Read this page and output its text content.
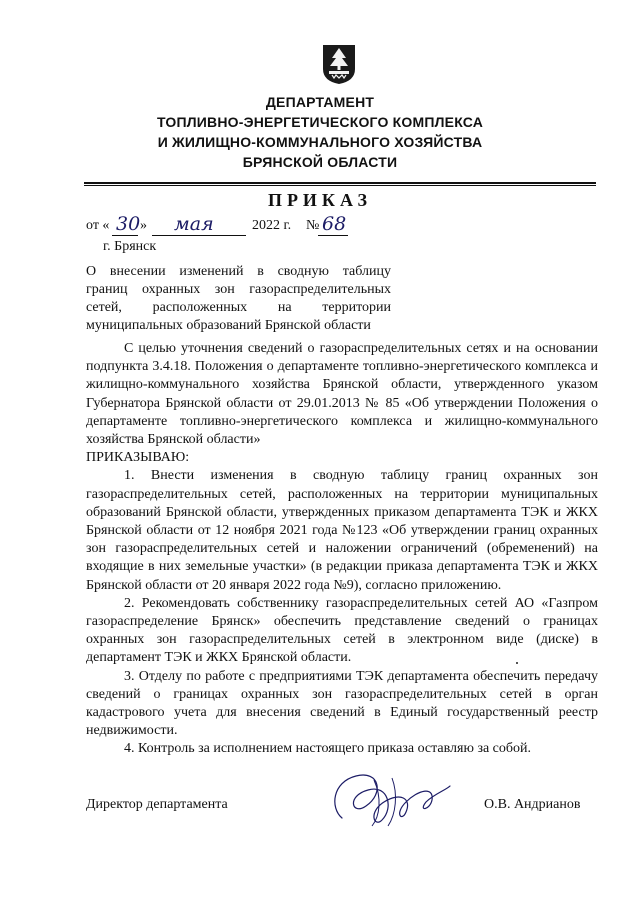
ДЕПАРТАМЕНТ
ТОПЛИВНО-ЭНЕРГЕТИЧЕСКОГО КОМПЛЕКСА
И ЖИЛИЩНО-КОММУНАЛЬНОГО ХОЗЯЙСТВА
БРЯНСКОЙ ОБЛАСТИ
ПРИКАЗ
от « 30 » мая	2022 г. № 68
г. Брянск
О внесении изменений в сводную таблицу
границ охранных зон газораспределительных
сетей, расположенных на территории
муниципальных образований Брянской области

С целью уточнения сведений о газораспределительных сетях и на основании подпункта 3.4.18. Положения о департаменте топливно-энергетического комплекса и жилищно-коммунального хозяйства Брянской области, утвержденного указом Губернатора Брянской области от 29.01.2013 № 85 «Об утверждении Положения о департаменте топливно-энергетического комплекса и жилищно-коммунального хозяйства Брянской области»

ПРИКАЗЫВАЮ:

1. Внести изменения в сводную таблицу границ охранных зон газораспределительных сетей, расположенных на территории муниципальных образований Брянской области, утвержденных приказом департамента ТЭК и ЖКХ Брянской области от 12 ноября 2021 года №123 «Об утверждении границ охранных зон газораспределительных сетей и наложении ограничений (обременений) на входящие в них земельные участки» (в редакции приказа департамента ТЭК и ЖКХ Брянской области от 20 января 2022 года №9), согласно приложению.

2. Рекомендовать собственнику газораспределительных сетей АО «Газпром газораспределение Брянск» обеспечить представление сведений о границах охранных зон газораспределительных сетей в электронном виде (диске) в департамент ТЭК и ЖКХ Брянской области.

3. Отделу по работе с предприятиями ТЭК департамента обеспечить передачу сведений о границах охранных зон газораспределительных сетей в орган кадастрового учета для внесения сведений в Единый государственный реестр недвижимости.

4. Контроль за исполнением настоящего приказа оставляю за собой.

Директор департамента	О.В. Андрианов
